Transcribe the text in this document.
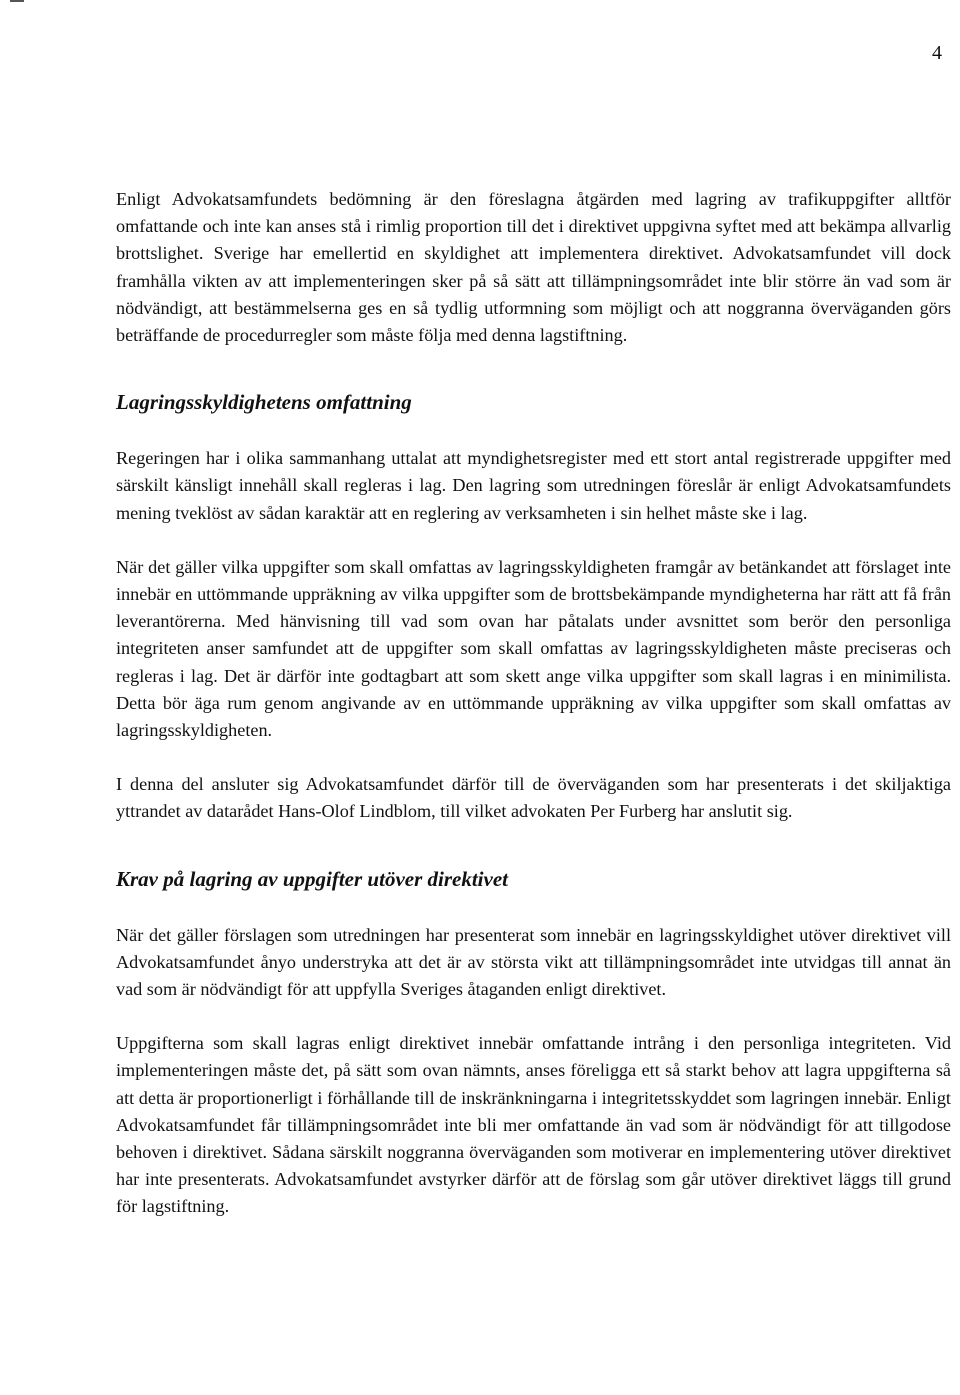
4

Enligt Advokatsamfundets bedömning är den föreslagna åtgärden med lagring av trafikuppgifter alltför omfattande och inte kan anses stå i rimlig proportion till det i direktivet uppgivna syftet med att bekämpa allvarlig brottslighet. Sverige har emellertid en skyldighet att implementera direktivet. Advokatsamfundet vill dock framhålla vikten av att implementeringen sker på så sätt att tillämpningsområdet inte blir större än vad som är nödvändigt, att bestämmelserna ges en så tydlig utformning som möjligt och att noggranna överväganden görs beträffande de procedurregler som måste följa med denna lagstiftning.

Lagringsskyldighetens omfattning

Regeringen har i olika sammanhang uttalat att myndighetsregister med ett stort antal registrerade uppgifter med särskilt känsligt innehåll skall regleras i lag. Den lagring som utredningen föreslår är enligt Advokatsamfundets mening tveklöst av sådan karaktär att en reglering av verksamheten i sin helhet måste ske i lag.

När det gäller vilka uppgifter som skall omfattas av lagringsskyldigheten framgår av betänkandet att förslaget inte innebär en uttömmande uppräkning av vilka uppgifter som de brottsbekämpande myndigheterna har rätt att få från leverantörerna. Med hänvisning till vad som ovan har påtalats under avsnittet som berör den personliga integriteten anser samfundet att de uppgifter som skall omfattas av lagringsskyldigheten måste preciseras och regleras i lag. Det är därför inte godtagbart att som skett ange vilka uppgifter som skall lagras i en minimilista. Detta bör äga rum genom angivande av en uttömmande uppräkning av vilka uppgifter som skall omfattas av lagringsskyldigheten.

I denna del ansluter sig Advokatsamfundet därför till de överväganden som har presenterats i det skiljaktiga yttrandet av datarådet Hans-Olof Lindblom, till vilket advokaten Per Furberg har anslutit sig.

Krav på lagring av uppgifter utöver direktivet

När det gäller förslagen som utredningen har presenterat som innebär en lagringsskyldighet utöver direktivet vill Advokatsamfundet ånyo understryka att det är av största vikt att tillämpningsområdet inte utvidgas till annat än vad som är nödvändigt för att uppfylla Sveriges åtaganden enligt direktivet.

Uppgifterna som skall lagras enligt direktivet innebär omfattande intrång i den personliga integriteten. Vid implementeringen måste det, på sätt som ovan nämnts, anses föreligga ett så starkt behov att lagra uppgifterna så att detta är proportionerligt i förhållande till de inskränkningarna i integritetsskyddet som lagringen innebär. Enligt Advokatsamfundet får tillämpningsområdet inte bli mer omfattande än vad som är nödvändigt för att tillgodose behoven i direktivet. Sådana särskilt noggranna överväganden som motiverar en implementering utöver direktivet har inte presenterats. Advokatsamfundet avstyrker därför att de förslag som går utöver direktivet läggs till grund för lagstiftning.
